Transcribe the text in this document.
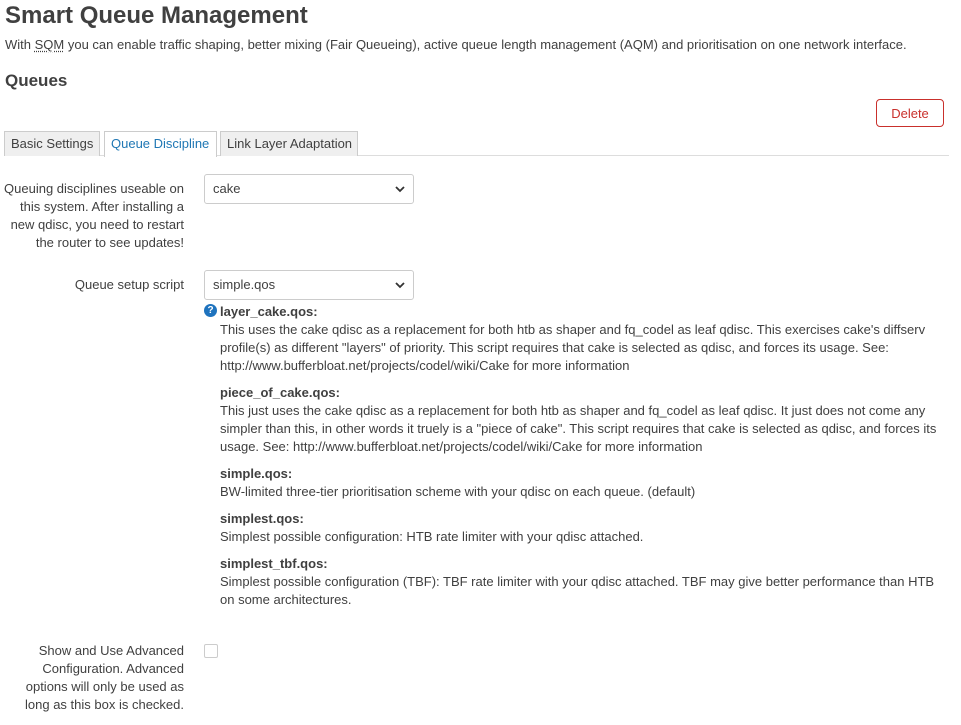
Smart Queue Management
With SQM you can enable traffic shaping, better mixing (Fair Queueing), active queue length management (AQM) and prioritisation on one network interface.
Queues
Delete
Basic Settings	Queue Discipline	Link Layer Adaptation
Queuing disciplines useable on this system. After installing a new qdisc, you need to restart the router to see updates!
cake
Queue setup script	simple.qos
? layer_cake.qos:
This uses the cake qdisc as a replacement for both htb as shaper and fq_codel as leaf qdisc. This exercises cake's diffserv profile(s) as different "layers" of priority. This script requires that cake is selected as qdisc, and forces its usage. See: http://www.bufferbloat.net/projects/codel/wiki/Cake for more information
piece_of_cake.qos:
This just uses the cake qdisc as a replacement for both htb as shaper and fq_codel as leaf qdisc. It just does not come any simpler than this, in other words it truely is a "piece of cake". This script requires that cake is selected as qdisc, and forces its usage. See: http://www.bufferbloat.net/projects/codel/wiki/Cake for more information
simple.qos:
BW-limited three-tier prioritisation scheme with your qdisc on each queue. (default)
simplest.qos:
Simplest possible configuration: HTB rate limiter with your qdisc attached.
simplest_tbf.qos:
Simplest possible configuration (TBF): TBF rate limiter with your qdisc attached. TBF may give better performance than HTB on some architectures.
Show and Use Advanced Configuration. Advanced options will only be used as long as this box is checked.
